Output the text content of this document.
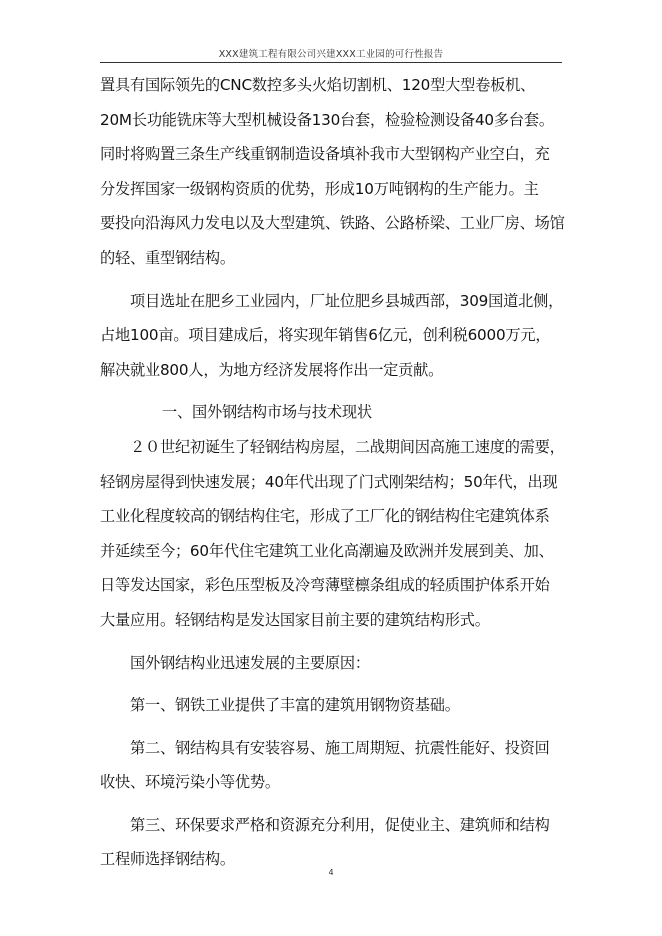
XXX建筑工程有限公司兴建XXX工业园的可行性报告
置具有国际领先的CNC数控多头火焰切割机、120型大型卷板机、
20M长功能铣床等大型机械设备130台套，检验检测设备40多台套。
同时将购置三条生产线重钢制造设备填补我市大型钢构产业空白，充
分发挥国家一级钢构资质的优势，形成10万吨钢构的生产能力。主
要投向沿海风力发电以及大型建筑、铁路、公路桥梁、工业厂房、场馆
的轻、重型钢结构。
项目选址在肥乡工业园内，厂址位肥乡县城西部，309国道北侧，
占地100亩。项目建成后，将实现年销售6亿元，创利税6000万元，
解决就业800人，为地方经济发展将作出一定贡献。
一、国外钢结构市场与技术现状
２０世纪初诞生了轻钢结构房屋，二战期间因高施工速度的需要，
轻钢房屋得到快速发展；40年代出现了门式刚架结构；50年代，出现
工业化程度较高的钢结构住宅，形成了工厂化的钢结构住宅建筑体系
并延续至今；60年代住宅建筑工业化高潮遍及欧洲并发展到美、加、
日等发达国家，彩色压型板及冷弯薄壁檩条组成的轻质围护体系开始
大量应用。轻钢结构是发达国家目前主要的建筑结构形式。
国外钢结构业迅速发展的主要原因：
第一、钢铁工业提供了丰富的建筑用钢物资基础。
第二、钢结构具有安装容易、施工周期短、抗震性能好、投资回
收快、环境污染小等优势。
第三、环保要求严格和资源充分利用，促使业主、建筑师和结构
工程师选择钢结构。
4
